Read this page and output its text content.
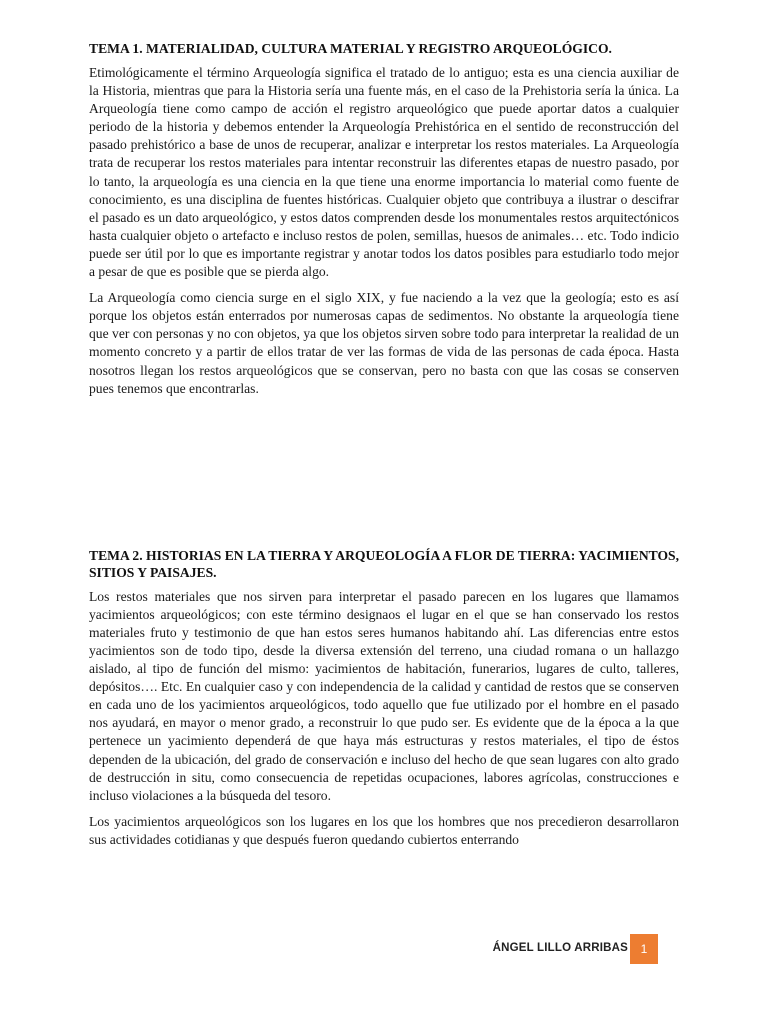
TEMA 1. MATERIALIDAD, CULTURA MATERIAL Y REGISTRO ARQUEOLÓGICO.

Etimológicamente el término Arqueología significa el tratado de lo antiguo; esta es una ciencia auxiliar de la Historia, mientras que para la Historia sería una fuente más, en el caso de la Prehistoria sería la única. La Arqueología tiene como campo de acción el registro arqueológico que puede aportar datos a cualquier periodo de la historia y debemos entender la Arqueología Prehistórica en el sentido de reconstrucción del pasado prehistórico a base de unos de recuperar, analizar e interpretar los restos materiales. La Arqueología trata de recuperar los restos materiales para intentar reconstruir las diferentes etapas de nuestro pasado, por lo tanto, la arqueología es una ciencia en la que tiene una enorme importancia lo material como fuente de conocimiento, es una disciplina de fuentes históricas. Cualquier objeto que contribuya a ilustrar o descifrar el pasado es un dato arqueológico, y estos datos comprenden desde los monumentales restos arquitectónicos hasta cualquier objeto o artefacto e incluso restos de polen, semillas, huesos de animales… etc. Todo indicio puede ser útil por lo que es importante registrar y anotar todos los datos posibles para estudiarlo todo mejor a pesar de que es posible que se pierda algo.

La Arqueología como ciencia surge en el siglo XIX, y fue naciendo a la vez que la geología; esto es así porque los objetos están enterrados por numerosas capas de sedimentos. No obstante la arqueología tiene que ver con personas y no con objetos, ya que los objetos sirven sobre todo para interpretar la realidad de un momento concreto y a partir de ellos tratar de ver las formas de vida de las personas de cada época. Hasta nosotros llegan los restos arqueológicos que se conservan, pero no basta con que las cosas se conserven pues tenemos que encontrarlas.

TEMA 2. HISTORIAS EN LA TIERRA Y ARQUEOLOGÍA A FLOR DE TIERRA: YACIMIENTOS, SITIOS Y PAISAJES.

Los restos materiales que nos sirven para interpretar el pasado parecen en los lugares que llamamos yacimientos arqueológicos; con este término designaos el lugar en el que se han conservado los restos materiales fruto y testimonio de que han estos seres humanos habitando ahí. Las diferencias entre estos yacimientos son de todo tipo, desde la diversa extensión del terreno, una ciudad romana o un hallazgo aislado, al tipo de función del mismo: yacimientos de habitación, funerarios, lugares de culto, talleres, depósitos…. Etc. En cualquier caso y con independencia de la calidad y cantidad de restos que se conserven en cada uno de los yacimientos arqueológicos, todo aquello que fue utilizado por el hombre en el pasado nos ayudará, en mayor o menor grado, a reconstruir lo que pudo ser. Es evidente que de la época a la que pertenece un yacimiento dependerá de que haya más estructuras y restos materiales, el tipo de éstos dependen de la ubicación, del grado de conservación e incluso del hecho de que sean lugares con alto grado de destrucción in situ, como consecuencia de repetidas ocupaciones, labores agrícolas, construcciones e incluso violaciones a la búsqueda del tesoro.

Los yacimientos arqueológicos son los lugares en los que los hombres que nos precedieron desarrollaron sus actividades cotidianas y que después fueron quedando cubiertos enterrando

ÁNGEL LILLO ARRIBAS	1
